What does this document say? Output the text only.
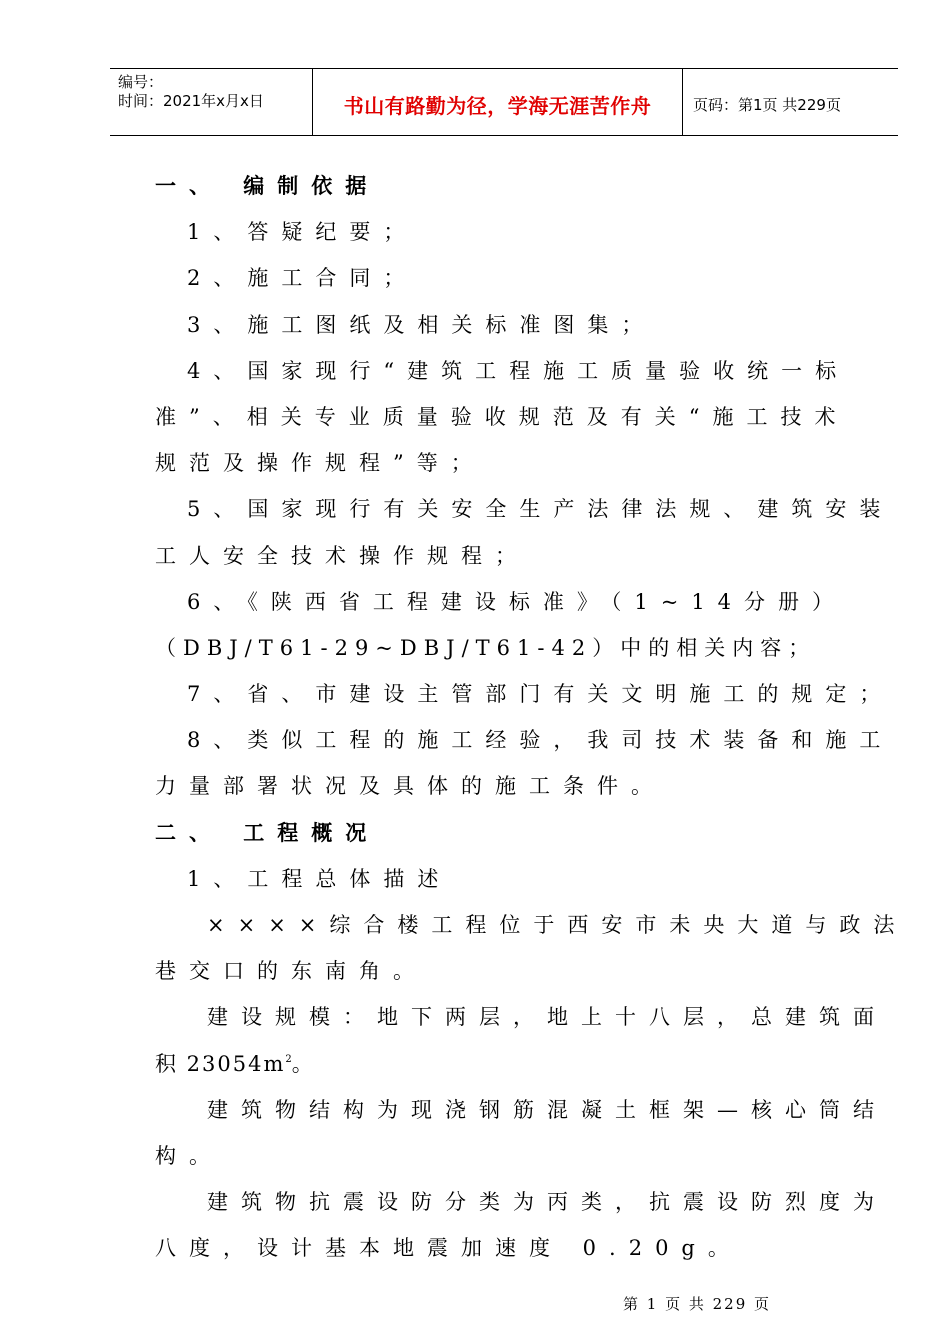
编号：
时间：2021年x月x日	书山有路勤为径，学海无涯苦作舟	页码：第1页 共229页
一、 编制依据
1、答疑纪要；
2、施工合同；
3、施工图纸及相关标准图集；
4、国家现行“建筑工程施工质量验收统一标
准”、相关专业质量验收规范及有关“施工技术
规范及操作规程”等；
5、国家现行有关安全生产法律法规、建筑安装
工人安全技术操作规程；
6、《陕西省工程建设标准》（1~14分册）
（DBJ/T61-29~DBJ/T61-42）中的相关内容；
7、省、市建设主管部门有关文明施工的规定；
8、类似工程的施工经验，我司技术装备和施工
力量部署状况及具体的施工条件。
二、 工程概况
1、工程总体描述
××××综合楼工程位于西安市未央大道与政法
巷交口的东南角。
建设规模：地下两层，地上十八层，总建筑面
积 $23054m^2$。
建筑物结构为现浇钢筋混凝土框架—核心筒结
构。
建筑物抗震设防分类为丙类，抗震设防烈度为
八度，设计基本地震加速度 0.20g。
第 1 页 共 229 页
